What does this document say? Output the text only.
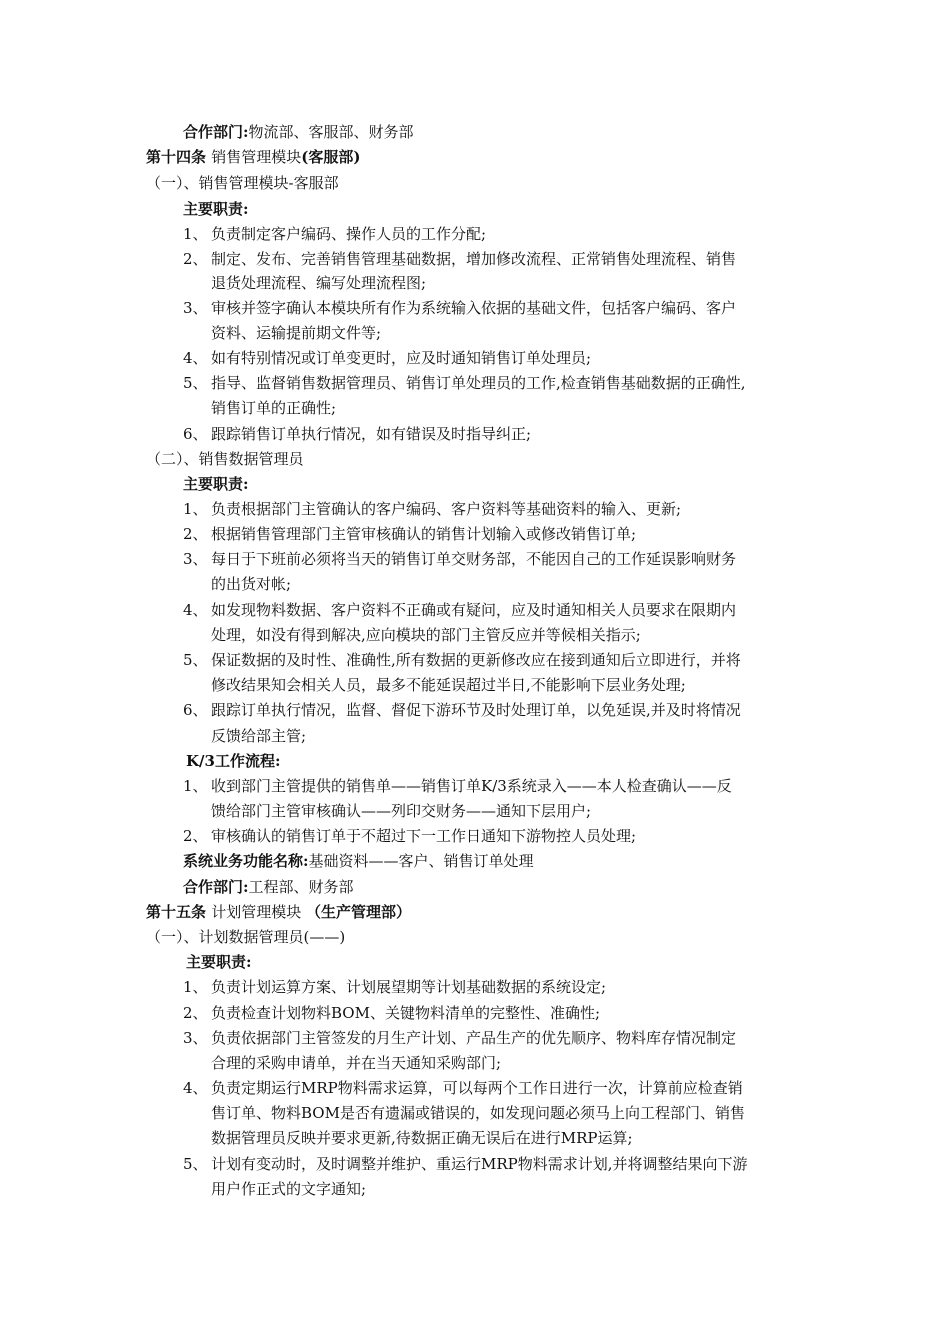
合作部门:物流部、客服部、财务部
第十四条 销售管理模块(客服部)
（一）、销售管理模块-客服部
主要职责:
1、 负责制定客户编码、操作人员的工作分配;
2、 制定、发布、完善销售管理基础数据，增加修改流程、正常销售处理流程、销售
退货处理流程、编写处理流程图;
3、 审核并签字确认本模块所有作为系统输入依据的基础文件，包括客户编码、客户
资料、运输提前期文件等;
4、 如有特别情况或订单变更时，应及时通知销售订单处理员;
5、 指导、监督销售数据管理员、销售订单处理员的工作,检查销售基础数据的正确性,
销售订单的正确性;
6、 跟踪销售订单执行情况，如有错误及时指导纠正;
（二）、销售数据管理员
主要职责:
1、 负责根据部门主管确认的客户编码、客户资料等基础资料的输入、更新;
2、 根据销售管理部门主管审核确认的销售计划输入或修改销售订单;
3、 每日于下班前必须将当天的销售订单交财务部，不能因自己的工作延误影响财务
的出货对帐;
4、 如发现物料数据、客户资料不正确或有疑问，应及时通知相关人员要求在限期内
处理，如没有得到解决,应向模块的部门主管反应并等候相关指示;
5、 保证数据的及时性、准确性,所有数据的更新修改应在接到通知后立即进行，并将
修改结果知会相关人员，最多不能延误超过半日,不能影响下层业务处理;
6、 跟踪订单执行情况，监督、督促下游环节及时处理订单，以免延误,并及时将情况
反馈给部主管;
K/3工作流程:
1、 收到部门主管提供的销售单——销售订单K/3系统录入——本人检查确认——反
馈给部门主管审核确认——列印交财务——通知下层用户;
2、 审核确认的销售订单于不超过下一工作日通知下游物控人员处理;
系统业务功能名称:基础资料——客户、销售订单处理
合作部门:工程部、财务部
第十五条 计划管理模块 （生产管理部）
（一）、计划数据管理员(——)
主要职责:
1、 负责计划运算方案、计划展望期等计划基础数据的系统设定;
2、 负责检查计划物料BOM、关键物料清单的完整性、准确性;
3、 负责依据部门主管签发的月生产计划、产品生产的优先顺序、物料库存情况制定
合理的采购申请单，并在当天通知采购部门;
4、 负责定期运行MRP物料需求运算，可以每两个工作日进行一次，计算前应检查销
售订单、物料BOM是否有遗漏或错误的，如发现问题必须马上向工程部门、销售
数据管理员反映并要求更新,待数据正确无误后在进行MRP运算;
5、 计划有变动时，及时调整并维护、重运行MRP物料需求计划,并将调整结果向下游
用户作正式的文字通知;
